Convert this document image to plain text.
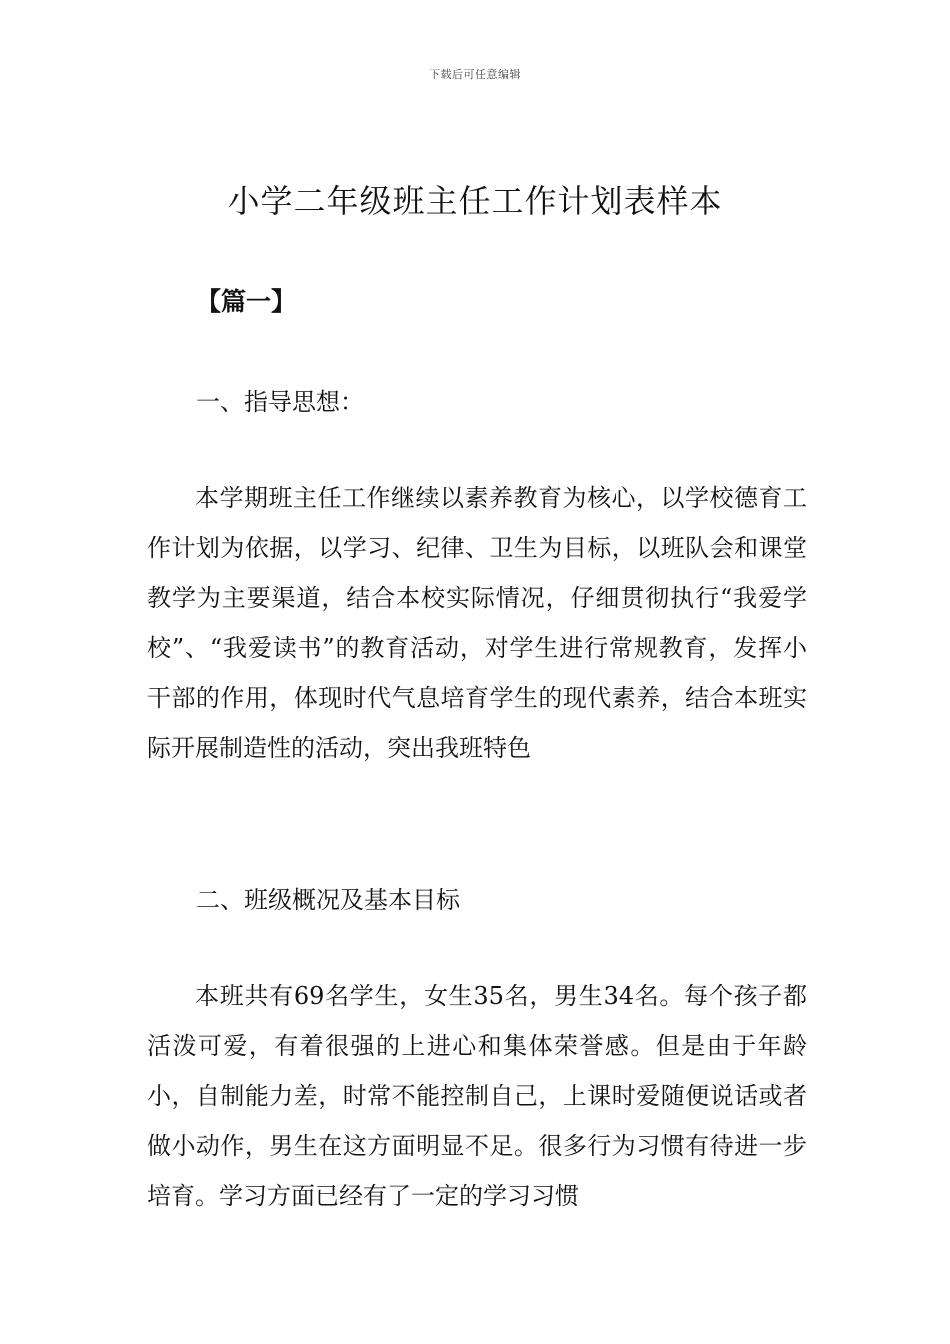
下载后可任意编辑
小学二年级班主任工作计划表样本
【篇一】
一、指导思想：

本学期班主任工作继续以素养教育为核心，以学校德育工作计划为依据，以学习、纪律、卫生为目标，以班队会和课堂教学为主要渠道，结合本校实际情况，仔细贯彻执行“我爱学校”、“我爱读书”的教育活动，对学生进行常规教育，发挥小干部的作用，体现时代气息培育学生的现代素养，结合本班实际开展制造性的活动，突出我班特色

二、班级概况及基本目标

本班共有69名学生，女生35名，男生34名。每个孩子都活泼可爱，有着很强的上进心和集体荣誉感。但是由于年龄小，自制能力差，时常不能控制自己，上课时爱随便说话或者做小动作，男生在这方面明显不足。很多行为习惯有待进一步培育。学习方面已经有了一定的学习习惯
